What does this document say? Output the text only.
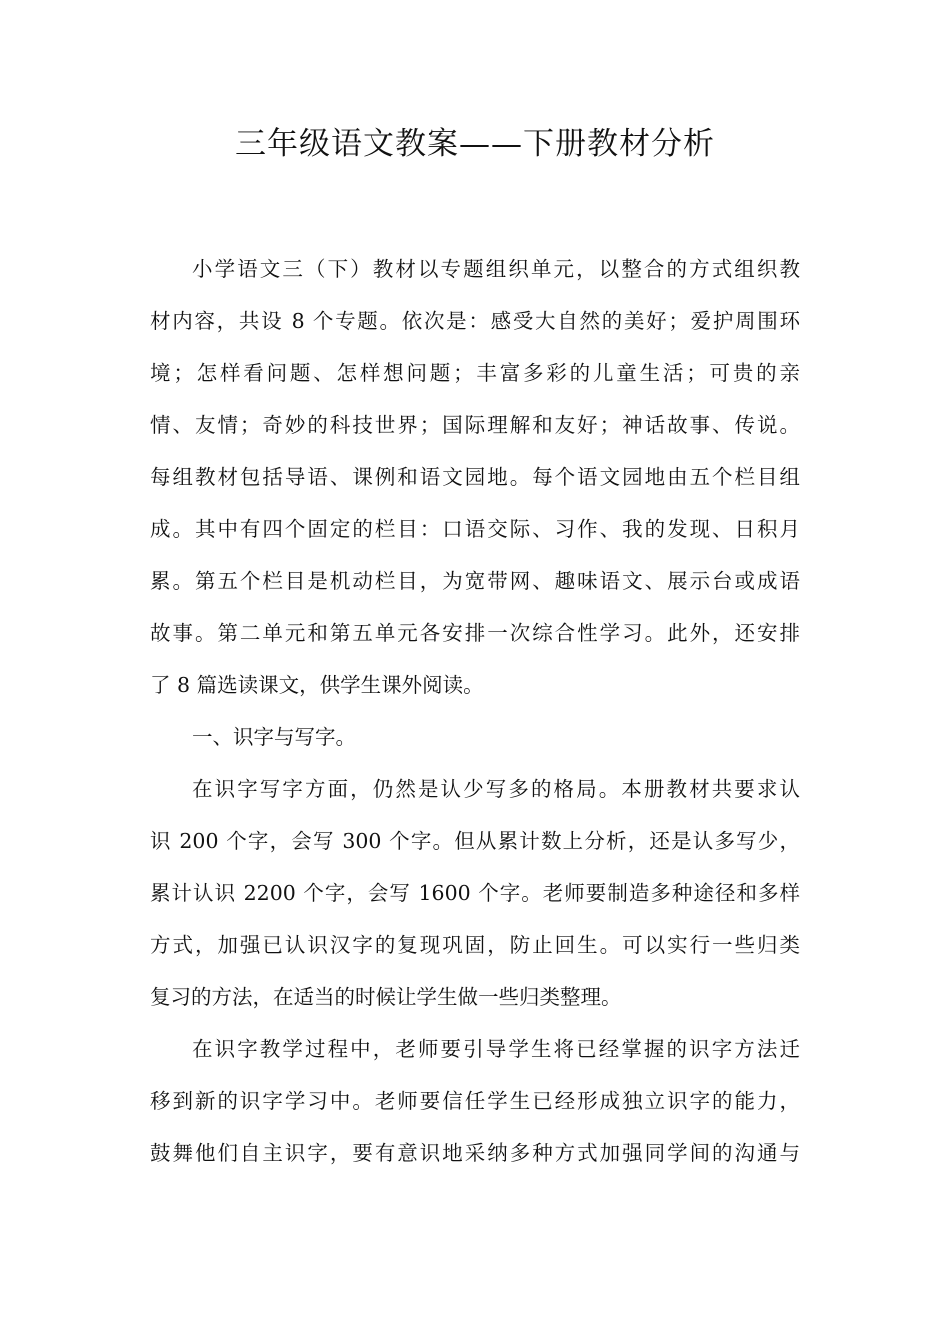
三年级语文教案——下册教材分析
小学语文三（下）教材以专题组织单元，以整合的方式组织教
材内容，共设 8 个专题。依次是：感受大自然的美好；爱护周围环
境；怎样看问题、怎样想问题；丰富多彩的儿童生活；可贵的亲
情、友情；奇妙的科技世界；国际理解和友好；神话故事、传说。
每组教材包括导语、课例和语文园地。每个语文园地由五个栏目组
成。其中有四个固定的栏目：口语交际、习作、我的发现、日积月
累。第五个栏目是机动栏目，为宽带网、趣味语文、展示台或成语
故事。第二单元和第五单元各安排一次综合性学习。此外，还安排
了 8 篇选读课文，供学生课外阅读。
一、识字与写字。
在识字写字方面，仍然是认少写多的格局。本册教材共要求认
识 200 个字，会写 300 个字。但从累计数上分析，还是认多写少，
累计认识 2200 个字，会写 1600 个字。老师要制造多种途径和多样
方式，加强已认识汉字的复现巩固，防止回生。可以实行一些归类
复习的方法，在适当的时候让学生做一些归类整理。
在识字教学过程中，老师要引导学生将已经掌握的识字方法迁
移到新的识字学习中。老师要信任学生已经形成独立识字的能力，
鼓舞他们自主识字，要有意识地采纳多种方式加强同学间的沟通与
